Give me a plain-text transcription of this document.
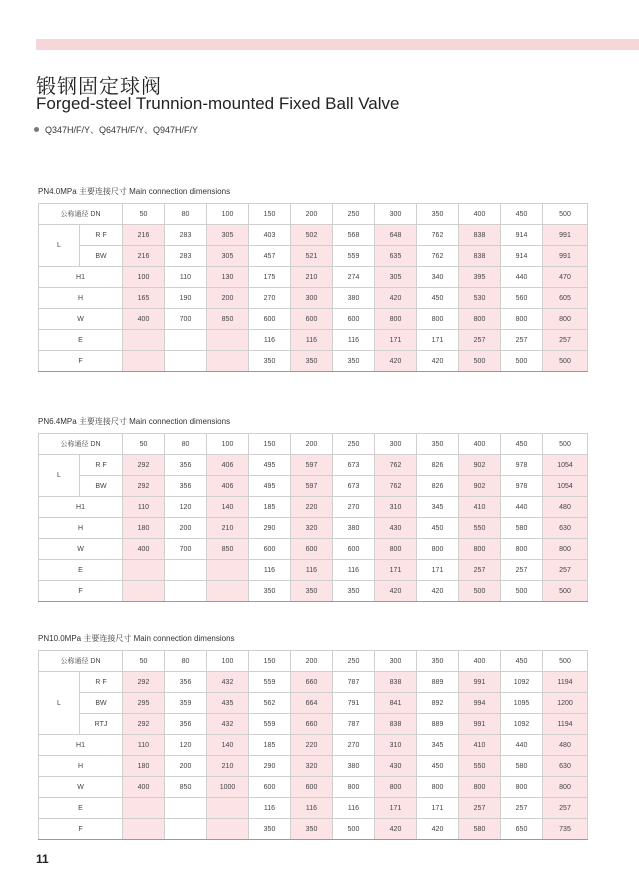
锻钢固定球阀
Forged-steel Trunnion-mounted Fixed Ball Valve
Q347H/F/Y、Q647H/F/Y、Q947H/F/Y
PN4.0MPa 主要连接尺寸 Main connection dimensions
公称通径 DN		50	80	100	150	200	250	300	350	400	450	500
L	R F	216	283	305	403	502	568	648	762	838	914	991
	BW	216	283	305	457	521	559	635	762	838	914	991
H1		100	110	130	175	210	274	305	340	395	440	470
H		165	190	200	270	300	380	420	450	530	560	605
W		400	700	850	600	600	600	800	800	800	800	800
E					116	116	116	171	171	257	257	257
F					350	350	350	420	420	500	500	500
PN6.4MPa 主要连接尺寸 Main connection dimensions
公称通径 DN		50	80	100	150	200	250	300	350	400	450	500
L	R F	292	356	406	495	597	673	762	826	902	978	1054
	BW	292	356	406	495	597	673	762	826	902	978	1054
H1		110	120	140	185	220	270	310	345	410	440	480
H		180	200	210	290	320	380	430	450	550	580	630
W		400	700	850	600	600	600	800	800	800	800	800
E					116	116	116	171	171	257	257	257
F					350	350	350	420	420	500	500	500
PN10.0MPa 主要连接尺寸 Main connection dimensions
公称通径 DN		50	80	100	150	200	250	300	350	400	450	500
L	R F	292	356	432	559	660	787	838	889	991	1092	1194
	BW	295	359	435	562	664	791	841	892	994	1095	1200
	RTJ	292	356	432	559	660	787	838	889	991	1092	1194
H1		110	120	140	185	220	270	310	345	410	440	480
H		180	200	210	290	320	380	430	450	550	580	630
W		400	850	1000	600	600	800	800	800	800	800	800
E					116	116	116	171	171	257	257	257
F					350	350	500	420	420	580	650	735
11
